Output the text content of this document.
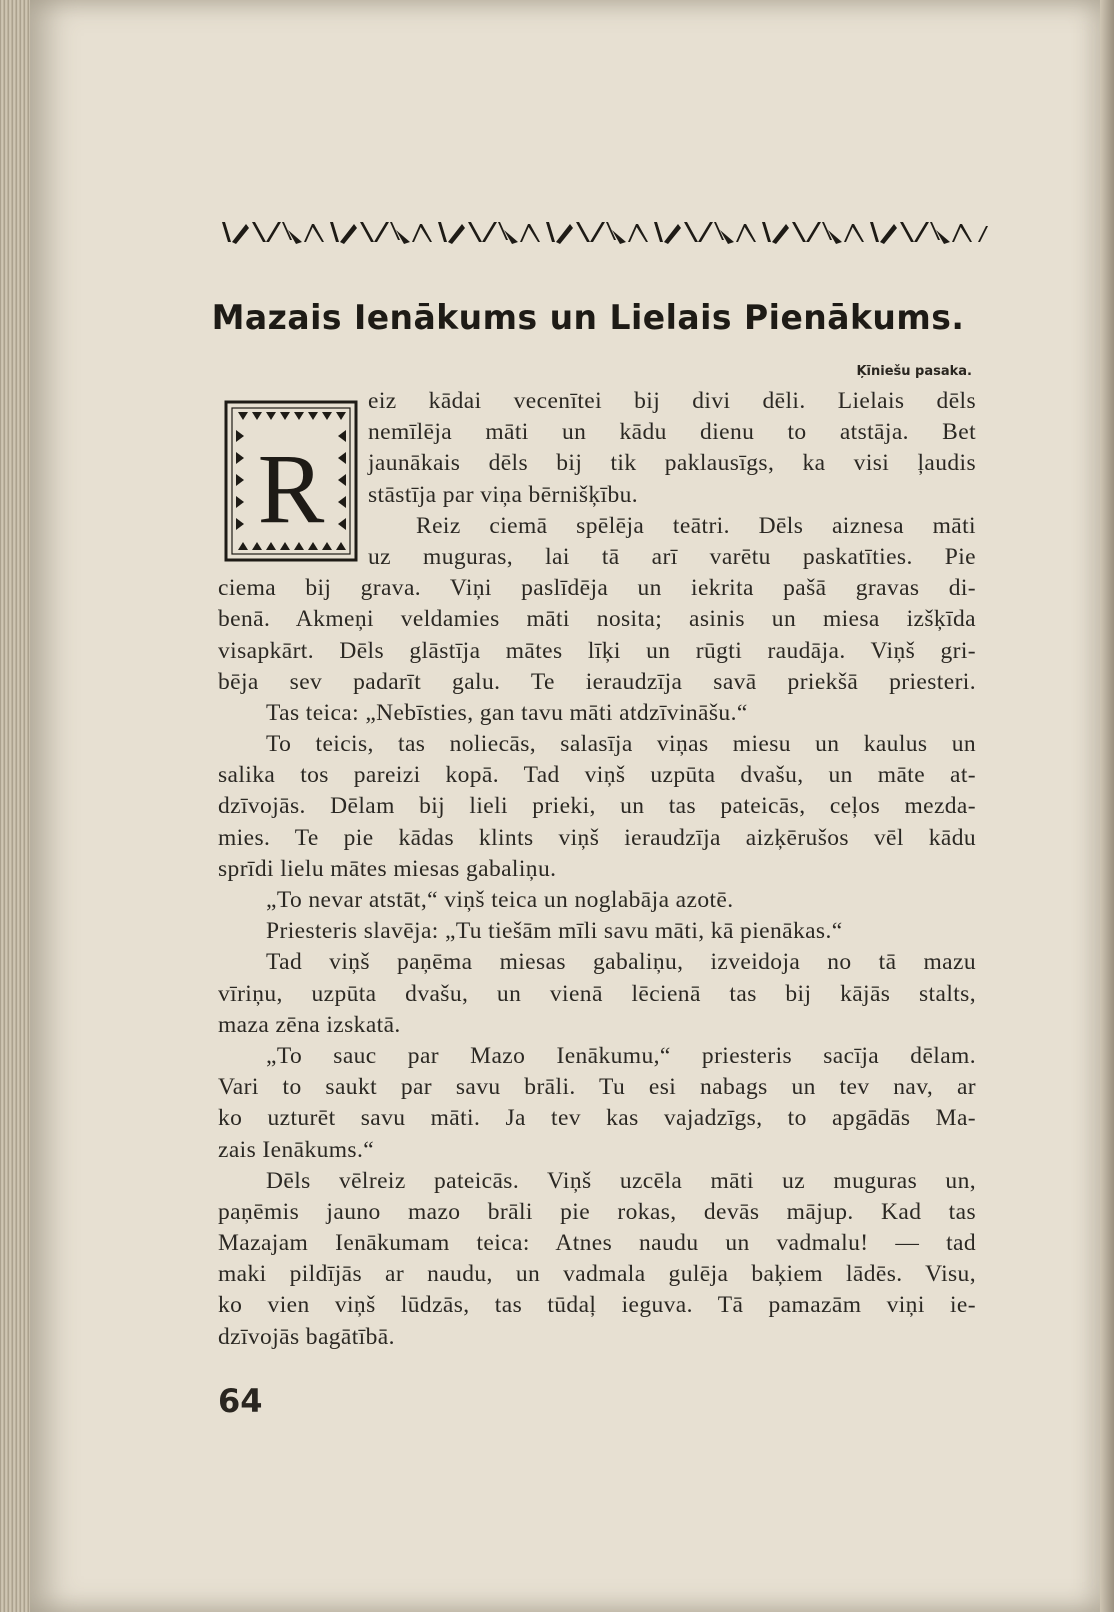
Mazais Ienākums un Lielais Pienākums.
Ķīniešu pasaka.
R
eiz kādai vecenītei bij divi dēli. Lielais dēls
nemīlēja māti un kādu dienu to atstāja. Bet
jaunākais dēls bij tik paklausīgs, ka visi ļaudis
stāstīja par viņa bērnišķību.
Reiz ciemā spēlēja teātri. Dēls aiznesa māti
uz muguras, lai tā arī varētu paskatīties. Pie
ciema bij grava. Viņi paslīdēja un iekrita pašā gravas di-
benā. Akmeņi veldamies māti nosita; asinis un miesa izšķīda
visapkārt. Dēls glāstīja mātes līķi un rūgti raudāja. Viņš gri-
bēja sev padarīt galu. Te ieraudzīja savā priekšā priesteri.
Tas teica: „Nebīsties, gan tavu māti atdzīvināšu.“
To teicis, tas noliecās, salasīja viņas miesu un kaulus un
salika tos pareizi kopā. Tad viņš uzpūta dvašu, un māte at-
dzīvojās. Dēlam bij lieli prieki, un tas pateicās, ceļos mezda-
mies. Te pie kādas klints viņš ieraudzīja aizķērušos vēl kādu
sprīdi lielu mātes miesas gabaliņu.
„To nevar atstāt,“ viņš teica un noglabāja azotē.
Priesteris slavēja: „Tu tiešām mīli savu māti, kā pienākas.“
Tad viņš paņēma miesas gabaliņu, izveidoja no tā mazu
vīriņu, uzpūta dvašu, un vienā lēcienā tas bij kājās stalts,
maza zēna izskatā.
„To sauc par Mazo Ienākumu,“ priesteris sacīja dēlam.
Vari to saukt par savu brāli. Tu esi nabags un tev nav, ar
ko uzturēt savu māti. Ja tev kas vajadzīgs, to apgādās Ma-
zais Ienākums.“
Dēls vēlreiz pateicās. Viņš uzcēla māti uz muguras un,
paņēmis jauno mazo brāli pie rokas, devās mājup. Kad tas
Mazajam Ienākumam teica: Atnes naudu un vadmalu! — tad
maki pildījās ar naudu, un vadmala gulēja baķiem lādēs. Visu,
ko vien viņš lūdzās, tas tūdaļ ieguva. Tā pamazām viņi ie-
dzīvojās bagātībā.
64
